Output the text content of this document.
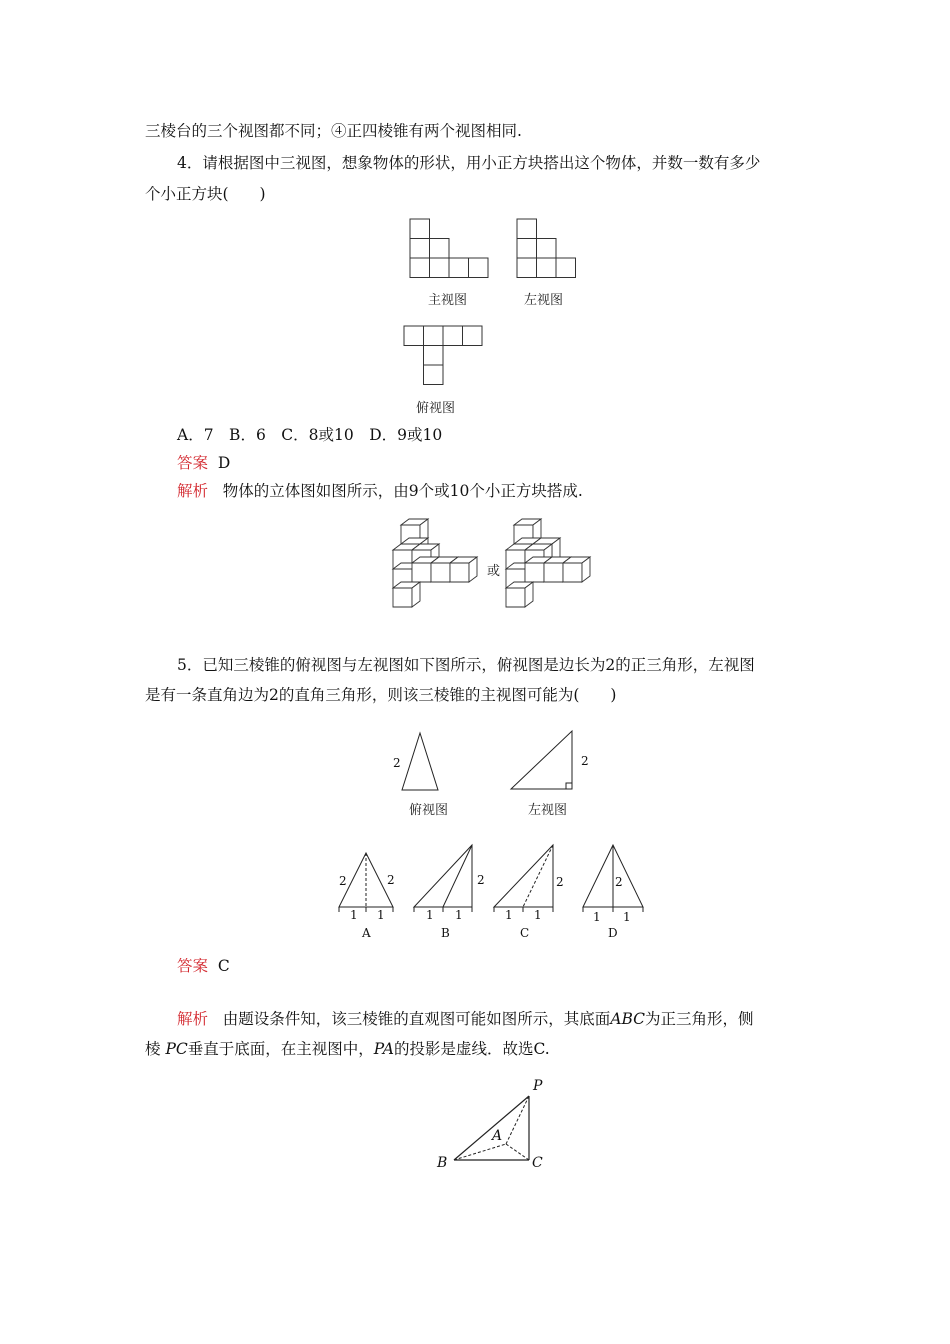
三棱台的三个视图都不同；④正四棱锥有两个视图相同.
4．请根据图中三视图，想象物体的形状，用小正方块搭出这个物体，并数一数有多少
个小正方块(　　)
主视图	左视图
俯视图
A．7　B．6　C．8或10　D．9或10
答案 D
解析 物体的立体图如图所示，由9个或10个小正方块搭成.
或
5．已知三棱锥的俯视图与左视图如下图所示，俯视图是边长为2的正三角形，左视图
是有一条直角边为2的直角三角形，则该三棱锥的主视图可能为(　　)
2	2
2	2
1 1
2
1 1
2
1 1
2
1 1
A	B	C	D
俯视图	左视图
答案 C
解析 由题设条件知，该三棱锥的直观图可能如图所示，其底面ABC为正三角形，侧
棱 PC垂直于底面，在主视图中，PA的投影是虚线．故选C.
P
A
B	C
